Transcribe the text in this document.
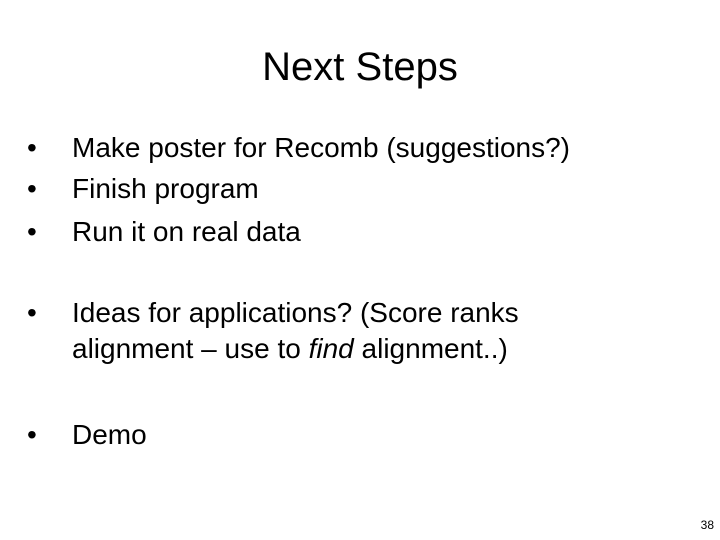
Next Steps
•	Make poster for Recomb (suggestions?)
•	Finish program
•	Run it on real data
•	Ideas for applications? (Score ranks
alignment – use to find alignment..)
•	Demo
38
